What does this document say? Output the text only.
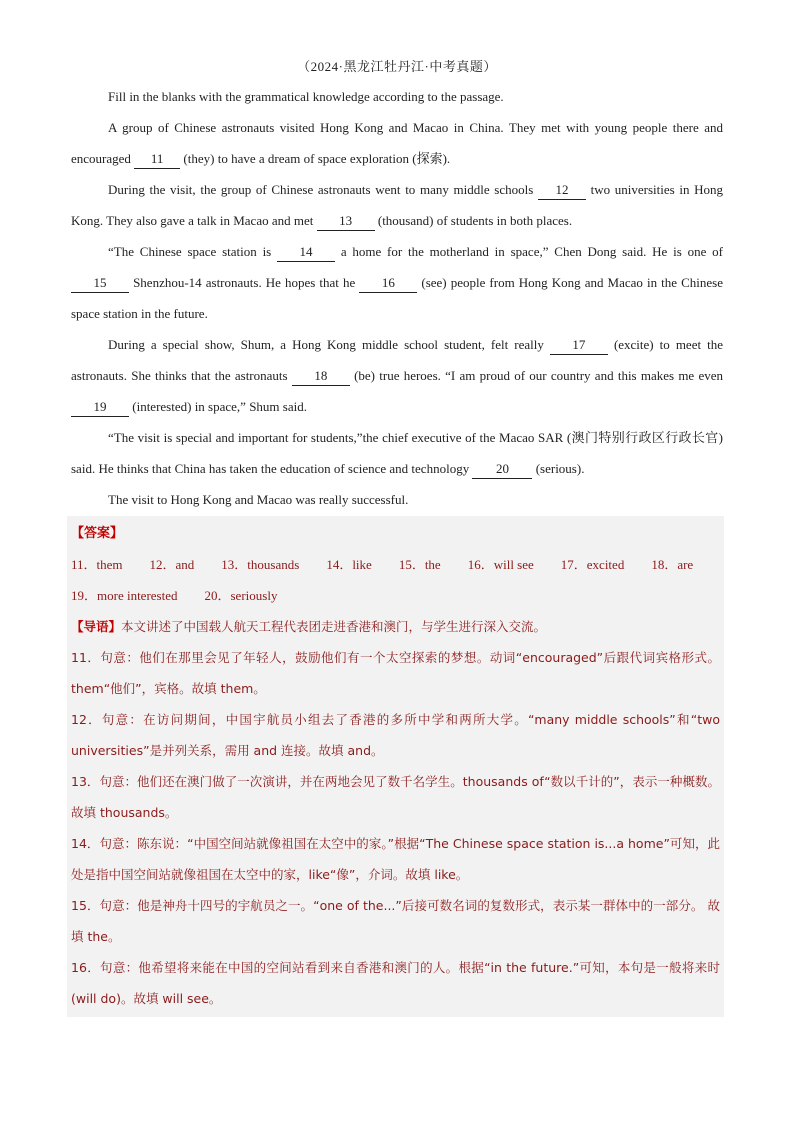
（2024·黑龙江牡丹江·中考真题）

Fill in the blanks with the grammatical knowledge according to the passage.

A group of Chinese astronauts visited Hong Kong and Macao in China. They met with young people there and encouraged 11 (they) to have a dream of space exploration (探索).

During the visit, the group of Chinese astronauts went to many middle schools 12 two universities in Hong Kong. They also gave a talk in Macao and met 13 (thousand) of students in both places.

“The Chinese space station is 14 a home for the motherland in space,” Chen Dong said. He is one of 15 Shenzhou-14 astronauts. He hopes that he 16 (see) people from Hong Kong and Macao in the Chinese space station in the future.

During a special show, Shum, a Hong Kong middle school student, felt really 17 (excite) to meet the astronauts. She thinks that the astronauts 18 (be) true heroes. “I am proud of our country and this makes me even 19 (interested) in space,” Shum said.

“The visit is special and important for students,”the chief executive of the Macao SAR (澳门特别行政区行政长官) said. He thinks that China has taken the education of science and technology 20 (serious).

The visit to Hong Kong and Macao was really successful.

【答案】

11．them 12．and 13．thousands 14．like 15．the 16．will see 17．excited 18．are
19．more interested 20．seriously

【导语】本文讲述了中国载人航天工程代表团走进香港和澳门，与学生进行深入交流。

11．句意：他们在那里会见了年轻人，鼓励他们有一个太空探索的梦想。动词“encouraged”后跟代词宾格形式。them“他们”，宾格。故填 them。

12．句意：在访问期间，中国宇航员小组去了香港的多所中学和两所大学。“many middle schools”和“two universities”是并列关系，需用 and 连接。故填 and。

13．句意：他们还在澳门做了一次演讲，并在两地会见了数千名学生。thousands of“数以千计的”，表示一种概数。故填 thousands。

14．句意：陈东说：“中国空间站就像祖国在太空中的家。”根据“The Chinese space station is...a home”可知，此处是指中国空间站就像祖国在太空中的家，like“像”，介词。故填 like。

15．句意：他是神舟十四号的宇航员之一。“one of the...”后接可数名词的复数形式，表示某一群体中的一部分。 故填 the。

16．句意：他希望将来能在中国的空间站看到来自香港和澳门的人。根据“in the future.”可知，本句是一般将来时(will do)。故填 will see。
